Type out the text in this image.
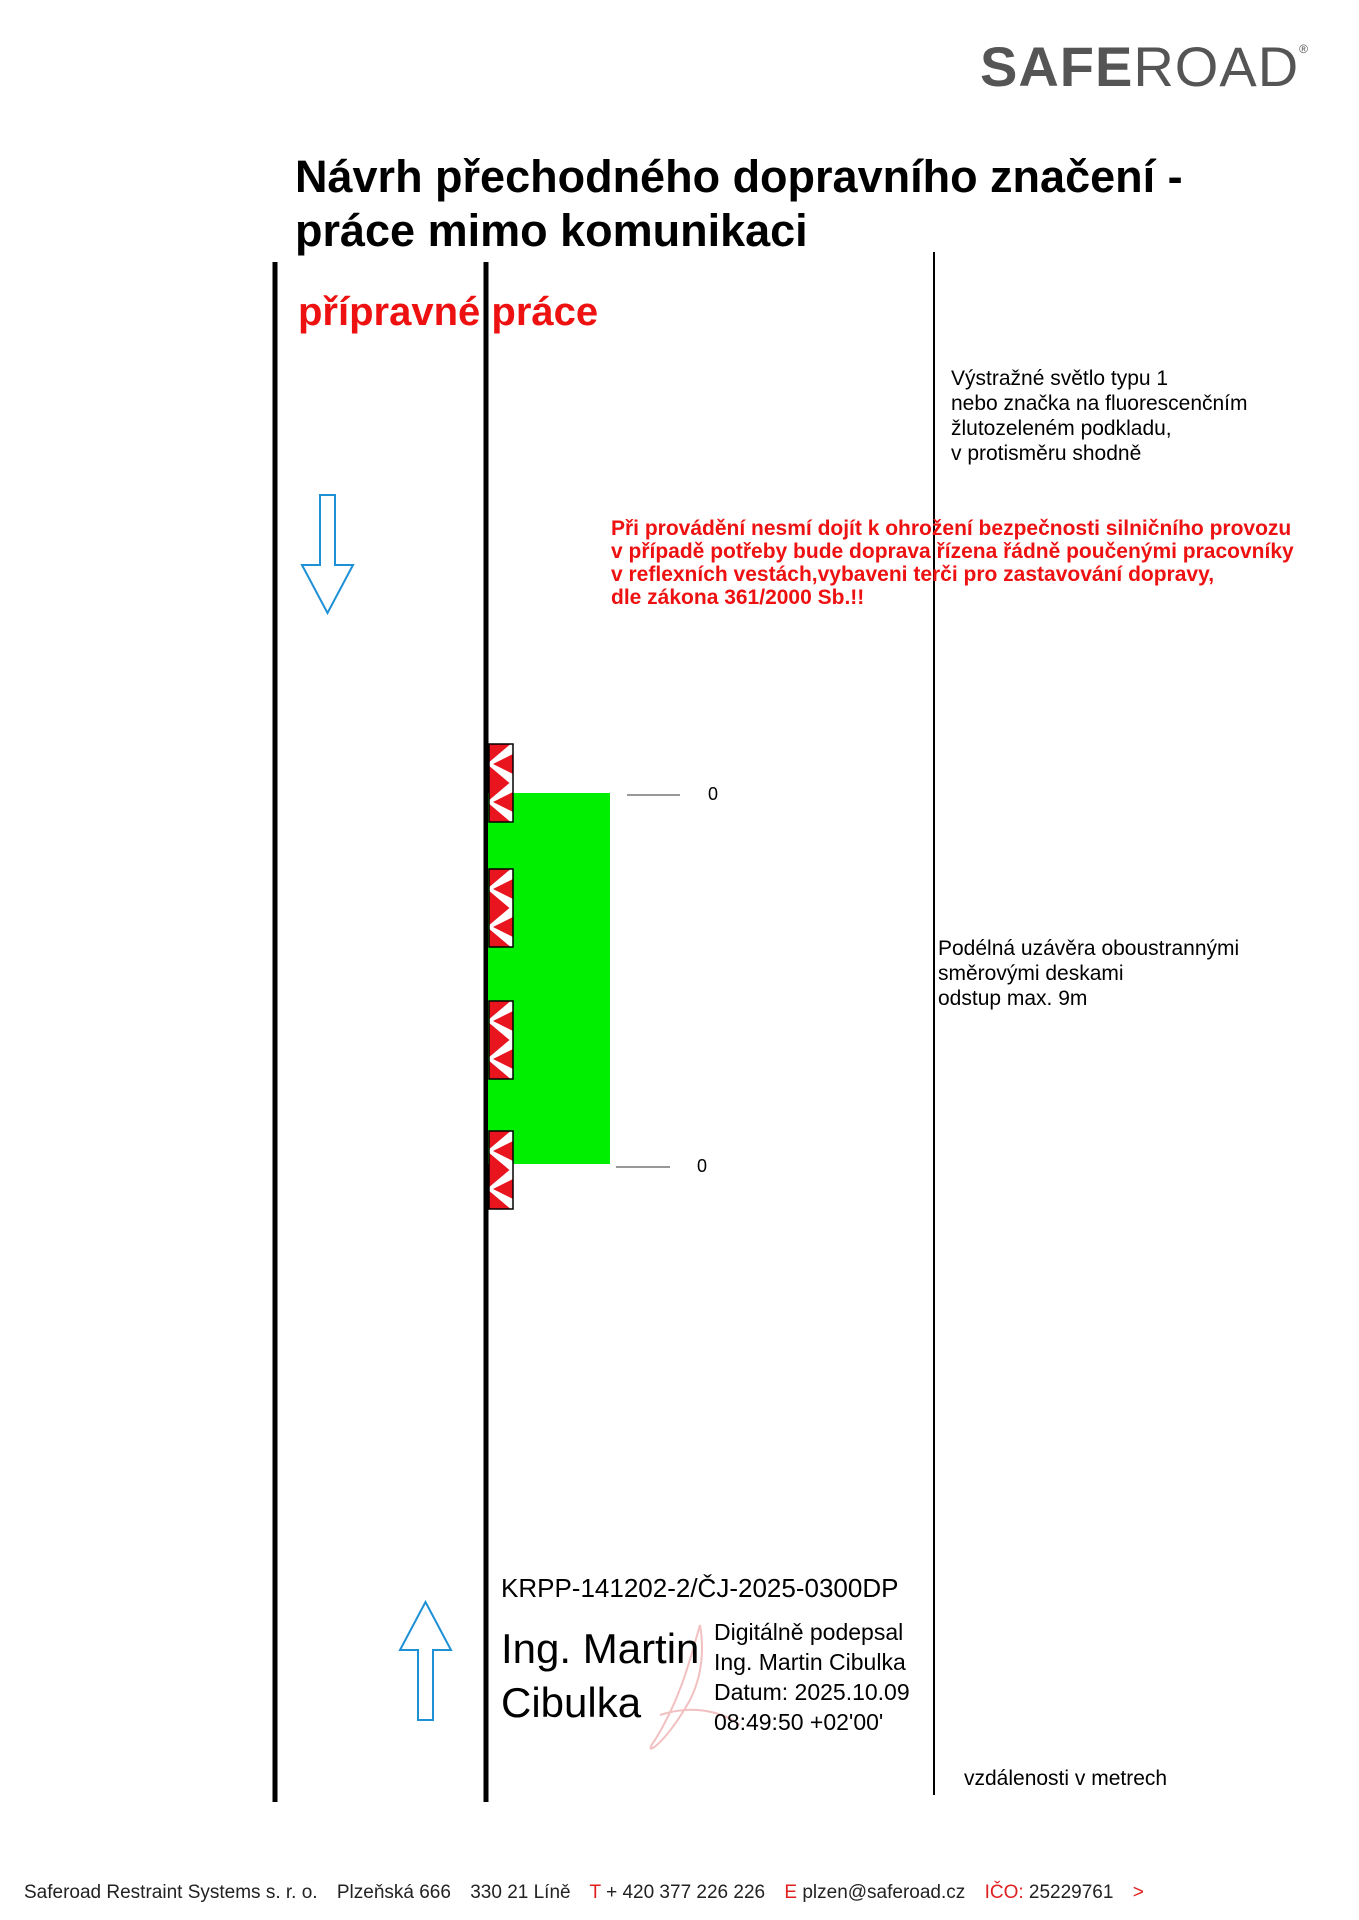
SAFEROAD®
Návrh přechodného dopravního značení - práce mimo komunikaci
přípravné práce
Výstražné světlo typu 1
nebo značka na fluorescenčním
žlutozeleném podkladu,
v protisměru shodně
Při provádění nesmí dojít k ohrožení bezpečnosti silničního provozu
v případě potřeby bude doprava řízena řádně poučenými pracovníky
v reflexních vestách,vybaveni terči pro zastavování dopravy,
dle zákona 361/2000 Sb.!!
0
0
Podélná uzávěra oboustrannými
směrovými deskami
odstup max. 9m
KRPP-141202-2/ČJ-2025-0300DP
Ing. Martin
Cibulka
Digitálně podepsal
Ing. Martin Cibulka
Datum: 2025.10.09
08:49:50 +02'00'
vzdálenosti v metrech
Saferoad Restraint Systems s. r. o. Plzeňská 666 330 21 Líně T + 420 377 226 226 E plzen@saferoad.cz IČO: 25229761 >
